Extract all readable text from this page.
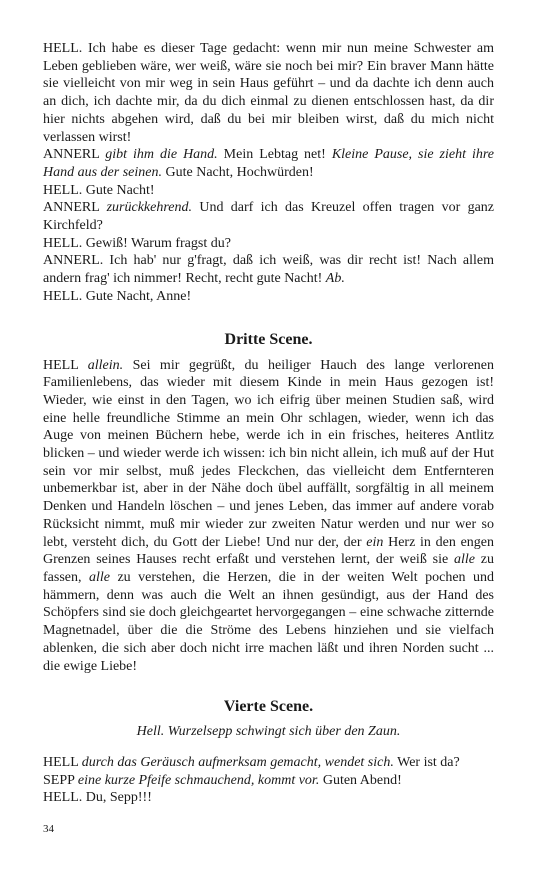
HELL. Ich habe es dieser Tage gedacht: wenn mir nun meine Schwester am Leben geblieben wäre, wer weiß, wäre sie noch bei mir? Ein braver Mann hätte sie vielleicht von mir weg in sein Haus geführt – und da dachte ich denn auch an dich, ich dachte mir, da du dich einmal zu dienen entschlossen hast, da dir hier nichts abgehen wird, daß du bei mir bleiben wirst, daß du mich nicht verlassen wirst!

ANNERL gibt ihm die Hand. Mein Lebtag net! Kleine Pause, sie zieht ihre Hand aus der seinen. Gute Nacht, Hochwürden!

HELL. Gute Nacht!

ANNERL zurückkehrend. Und darf ich das Kreuzel offen tragen vor ganz Kirchfeld?

HELL. Gewiß! Warum fragst du?

ANNERL. Ich hab' nur g'fragt, daß ich weiß, was dir recht ist! Nach allem andern frag' ich nimmer! Recht, recht gute Nacht! Ab.

HELL. Gute Nacht, Anne!

Dritte Scene.

HELL allein. Sei mir gegrüßt, du heiliger Hauch des lange verlorenen Familienlebens, das wieder mit diesem Kinde in mein Haus gezogen ist! Wieder, wie einst in den Tagen, wo ich eifrig über meinen Studien saß, wird eine helle freundliche Stimme an mein Ohr schlagen, wieder, wenn ich das Auge von meinen Büchern hebe, werde ich in ein frisches, heiteres Antlitz blicken – und wieder werde ich wissen: ich bin nicht allein, ich muß auf der Hut sein vor mir selbst, muß jedes Fleckchen, das vielleicht dem Entfernteren unbemerkbar ist, aber in der Nähe doch übel auffällt, sorgfältig in all meinem Denken und Handeln löschen – und jenes Leben, das immer auf andere vorab Rücksicht nimmt, muß mir wieder zur zweiten Natur werden und nur wer so lebt, versteht dich, du Gott der Liebe! Und nur der, der ein Herz in den engen Grenzen seines Hauses recht erfaßt und verstehen lernt, der weiß sie alle zu fassen, alle zu verstehen, die Herzen, die in der weiten Welt pochen und hämmern, denn was auch die Welt an ihnen gesündigt, aus der Hand des Schöpfers sind sie doch gleichgeartet hervorgegangen – eine schwache zitternde Magnetnadel, über die die Ströme des Lebens hinziehen und sie vielfach ablenken, die sich aber doch nicht irre machen läßt und ihren Norden sucht ... die ewige Liebe!

Vierte Scene.

Hell. Wurzelsepp schwingt sich über den Zaun.

HELL durch das Geräusch aufmerksam gemacht, wendet sich. Wer ist da?

SEPP eine kurze Pfeife schmauchend, kommt vor. Guten Abend!

HELL. Du, Sepp!!!

34
